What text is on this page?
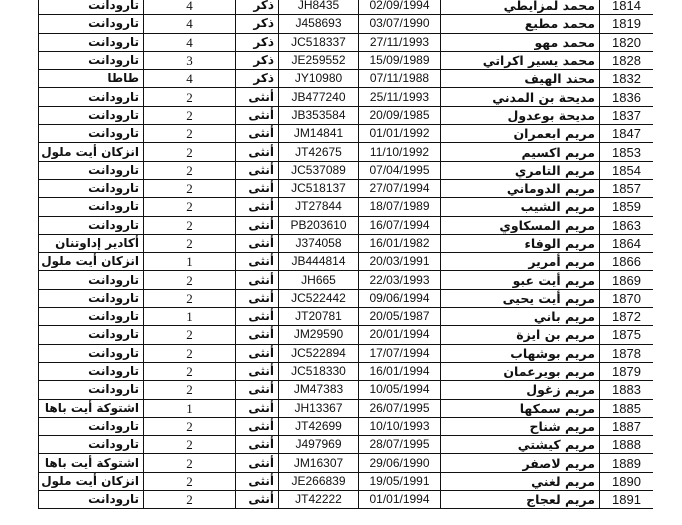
1814	محمد لمزايطي	02/09/1994	JH8435	ذكر	4	تارودانت
1819	محمد مطيع	03/07/1990	J458693	ذكر	4	تارودانت
1820	محمد مهو	27/11/1993	JC518337	ذكر	4	تارودانت
1828	محمد يسير اكراتي	15/09/1989	JE259552	ذكر	3	تارودانت
1832	محند الهيف	07/11/1988	JY10980	ذكر	4	طاطا
1836	مديحة بن المدني	25/11/1993	JB477240	أنثى	2	تارودانت
1837	مديحة بوعدول	20/09/1985	JB353584	أنثى	2	تارودانت
1847	مريم ابعمران	01/01/1992	JM14841	أنثى	2	تارودانت
1853	مريم اكسيم	11/10/1992	JT42675	أنثى	2	انزكان أيت ملول
1854	مريم التامري	07/04/1995	JC537089	أنثى	2	تارودانت
1857	مريم الدوماني	27/07/1994	JC518137	أنثى	2	تارودانت
1859	مريم الشيب	18/07/1989	JT27844	أنثى	2	تارودانت
1863	مريم المسكاوي	16/07/1994	PB203610	أنثى	2	تارودانت
1864	مريم الوفاء	16/01/1982	J374058	أنثى	2	أكادير إداوتنان
1866	مريم أمرير	20/03/1991	JB444814	أنثى	1	انزكان أيت ملول
1869	مريم أيت عبو	22/03/1993	JH665	أنثى	2	تارودانت
1870	مريم أيت يحيى	09/06/1994	JC522442	أنثى	2	تارودانت
1872	مريم باني	20/05/1987	JT20781	أنثى	1	تارودانت
1875	مريم بن ايزة	20/01/1994	JM29590	أنثى	2	تارودانت
1878	مريم بوشهاب	17/07/1994	JC522894	أنثى	2	تارودانت
1879	مريم بويرعمان	16/01/1994	JC518330	أنثى	2	تارودانت
1883	مريم زغول	10/05/1994	JM47383	أنثى	2	تارودانت
1885	مريم سمكها	26/07/1995	JH13367	أنثى	1	اشتوكة أيت باها
1887	مريم شناح	10/10/1993	JT42699	أنثى	2	تارودانت
1888	مريم كيشتي	28/07/1995	J497969	أنثى	2	تارودانت
1889	مريم لاصفر	29/06/1990	JM16307	أنثى	2	اشتوكة أيت باها
1890	مريم لغني	19/05/1991	JE266839	أنثى	2	انزكان أيت ملول
1891	مريم لعجاج	01/01/1994	JT42222	أنثى	2	تارودانت
